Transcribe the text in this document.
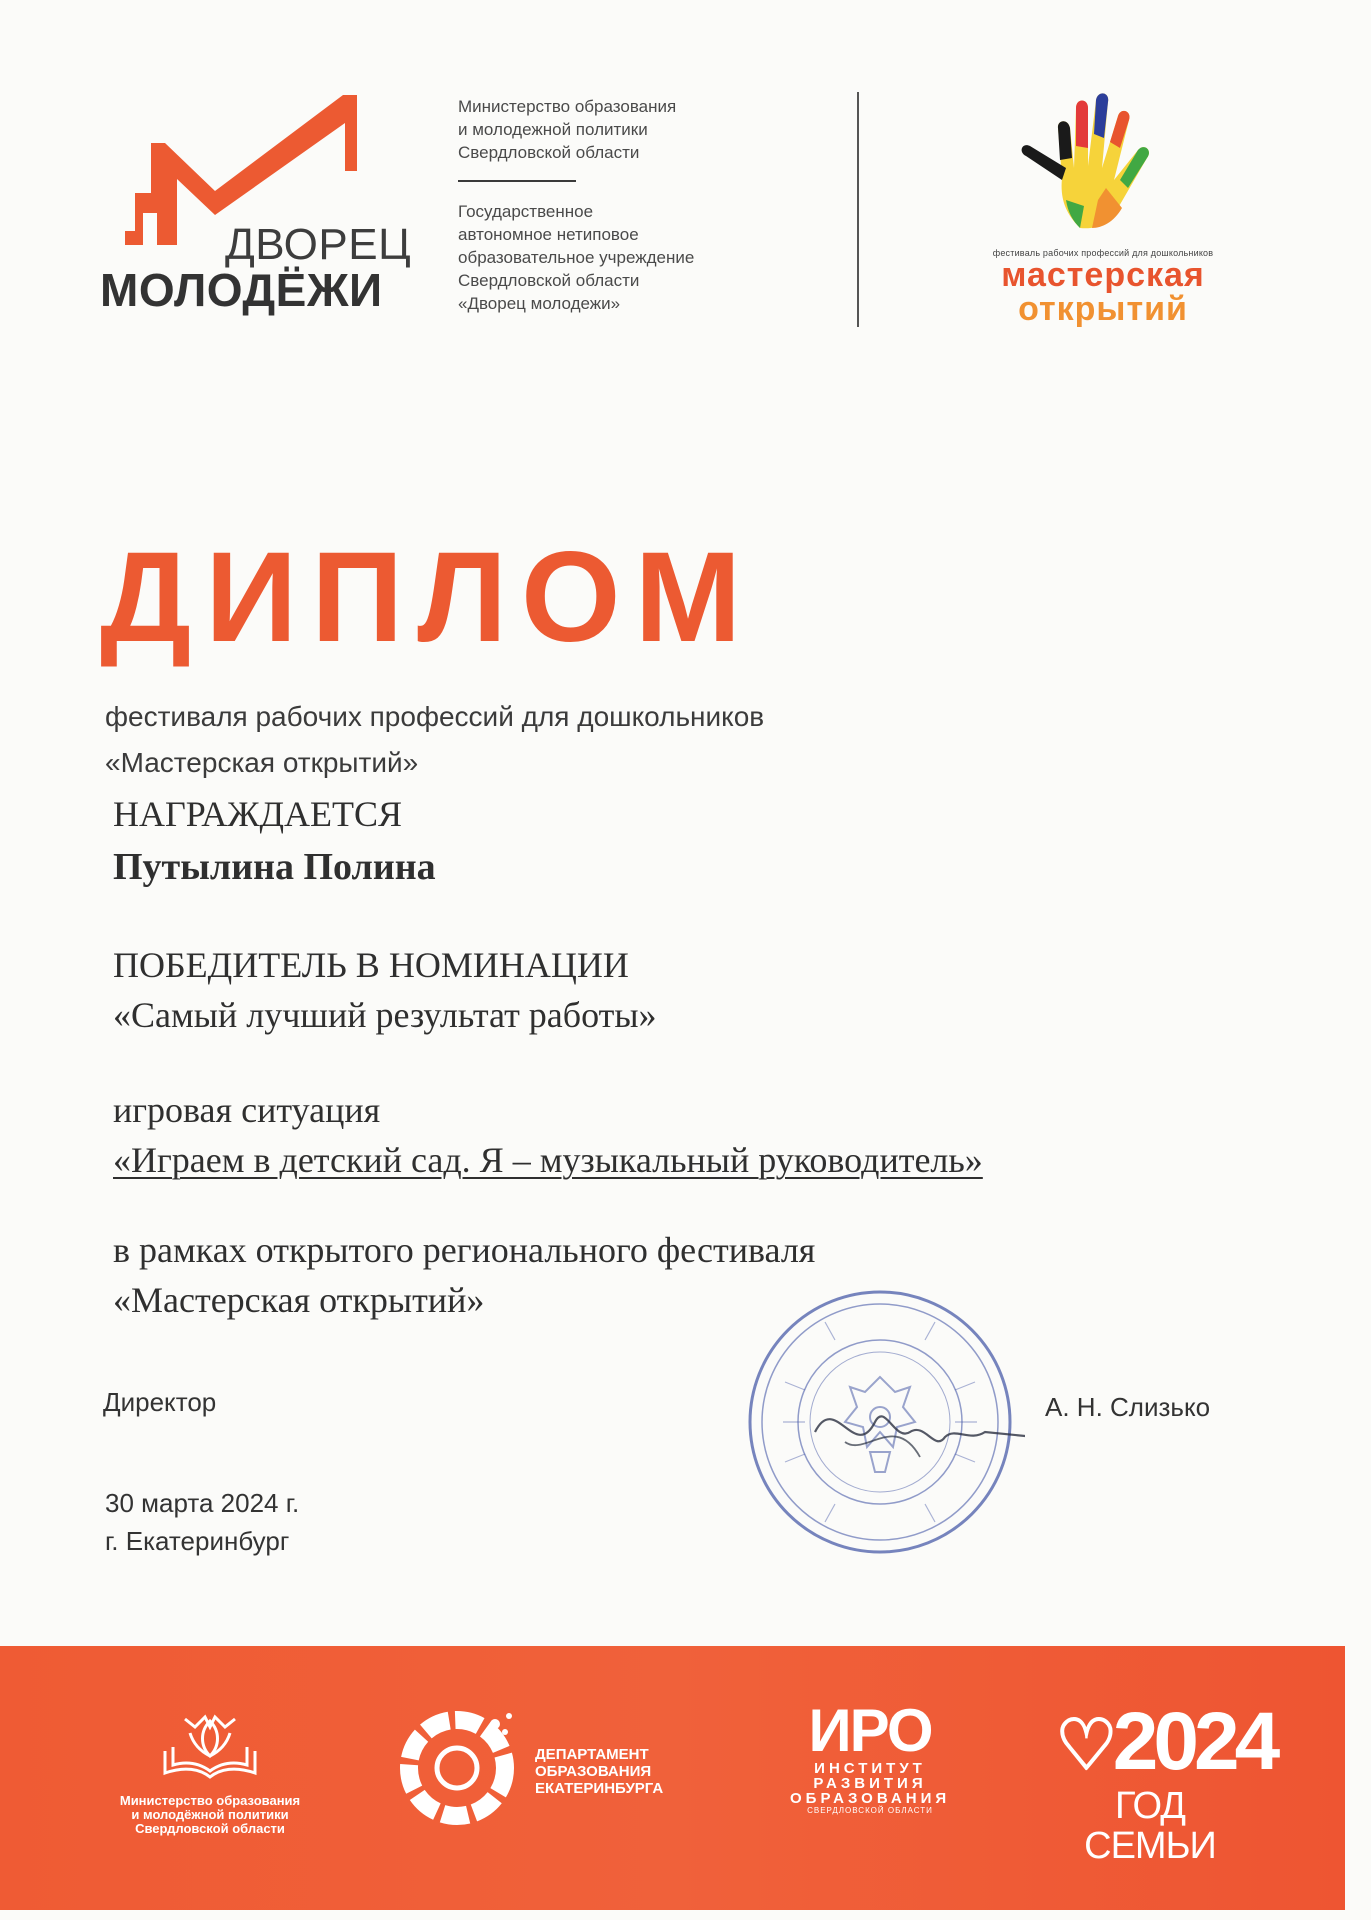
ДВОРЕЦ
МОЛОДЁЖИ
Министерство образования
и молодежной политики
Свердловской области
Государственное
автономное нетиповое
образовательное учреждение
Свердловской области
«Дворец молодежи»
фестиваль рабочих профессий для дошкольников
мастерская
открытий
ДИПЛОМ
фестиваля рабочих профессий для дошкольников
«Мастерская открытий»
НАГРАЖДАЕТСЯ
Путылина Полина
ПОБЕДИТЕЛЬ В НОМИНАЦИИ
«Самый лучший результат работы»
игровая ситуация
«Играем в детский сад. Я – музыкальный руководитель»
в рамках открытого регионального фестиваля
«Мастерская открытий»
Директор	А. Н. Слизько
30 марта 2024 г.
г. Екатеринбург
Министерство образования
и молодёжной политики
Свердловской области
ДЕПАРТАМЕНТ
ОБРАЗОВАНИЯ
ЕКАТЕРИНБУРГА
ИРО
ИНСТИТУТ
РАЗВИТИЯ
ОБРАЗОВАНИЯ
СВЕРДЛОВСКОЙ ОБЛАСТИ
♡2024
ГОД СЕМЬИ
